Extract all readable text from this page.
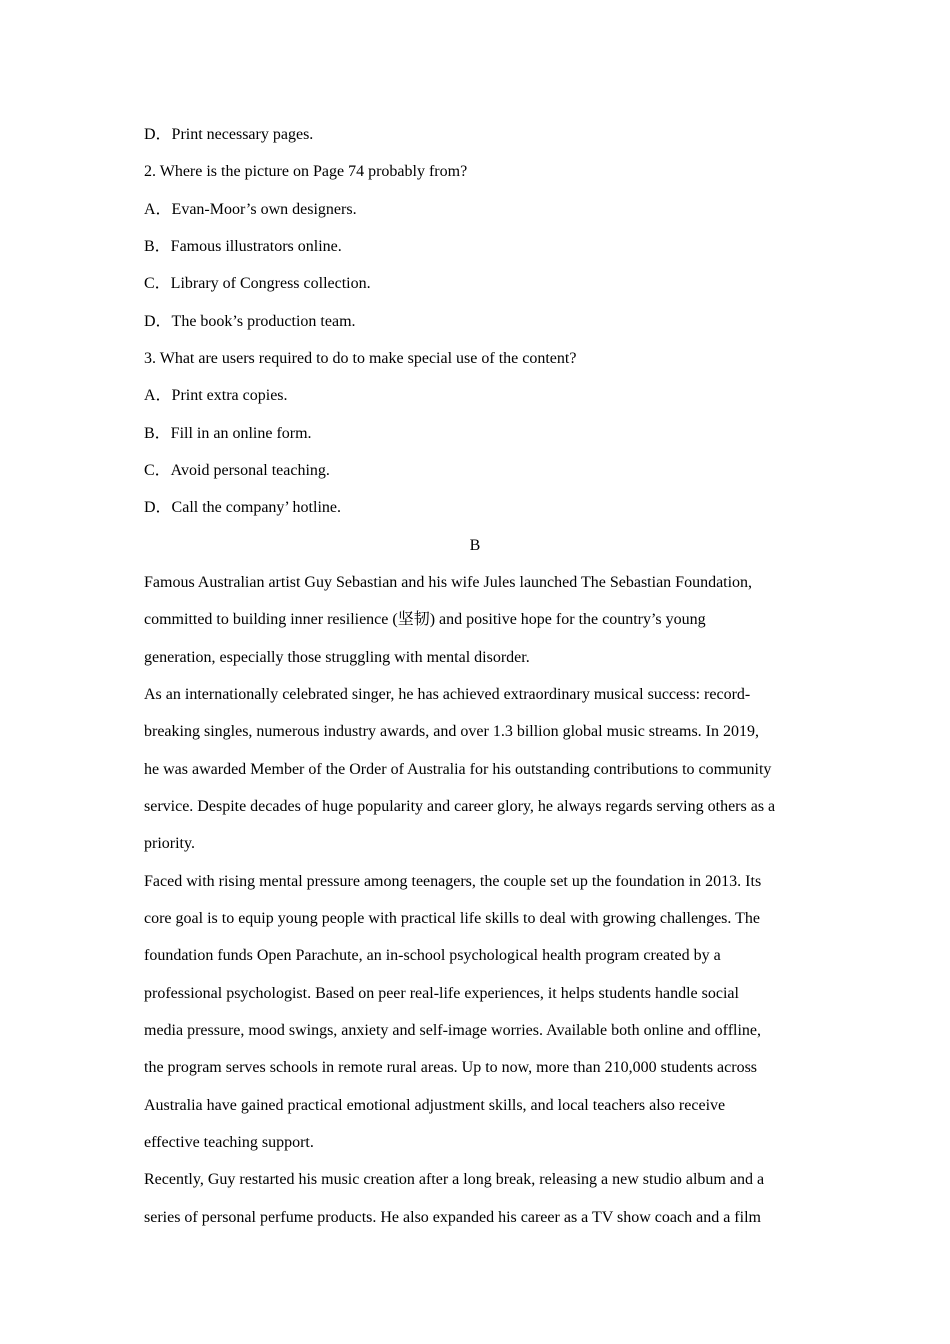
D．Print necessary pages.
2. Where is the picture on Page 74 probably from?
A．Evan-Moor’s own designers.
B．Famous illustrators online.
C．Library of Congress collection.
D．The book’s production team.
3. What are users required to do to make special use of the content?
A．Print extra copies.
B．Fill in an online form.
C．Avoid personal teaching.
D．Call the company’ hotline.
B
Famous Australian artist Guy Sebastian and his wife Jules launched The Sebastian Foundation,
committed to building inner resilience (坚韧) and positive hope for the country’s young
generation, especially those struggling with mental disorder.
As an internationally celebrated singer, he has achieved extraordinary musical success: record-
breaking singles, numerous industry awards, and over 1.3 billion global music streams. In 2019,
he was awarded Member of the Order of Australia for his outstanding contributions to community
service. Despite decades of huge popularity and career glory, he always regards serving others as a
priority.
Faced with rising mental pressure among teenagers, the couple set up the foundation in 2013. Its
core goal is to equip young people with practical life skills to deal with growing challenges. The
foundation funds Open Parachute, an in-school psychological health program created by a
professional psychologist. Based on peer real-life experiences, it helps students handle social
media pressure, mood swings, anxiety and self-image worries. Available both online and offline,
the program serves schools in remote rural areas. Up to now, more than 210,000 students across
Australia have gained practical emotional adjustment skills, and local teachers also receive
effective teaching support.
Recently, Guy restarted his music creation after a long break, releasing a new studio album and a
series of personal perfume products. He also expanded his career as a TV show coach and a film
